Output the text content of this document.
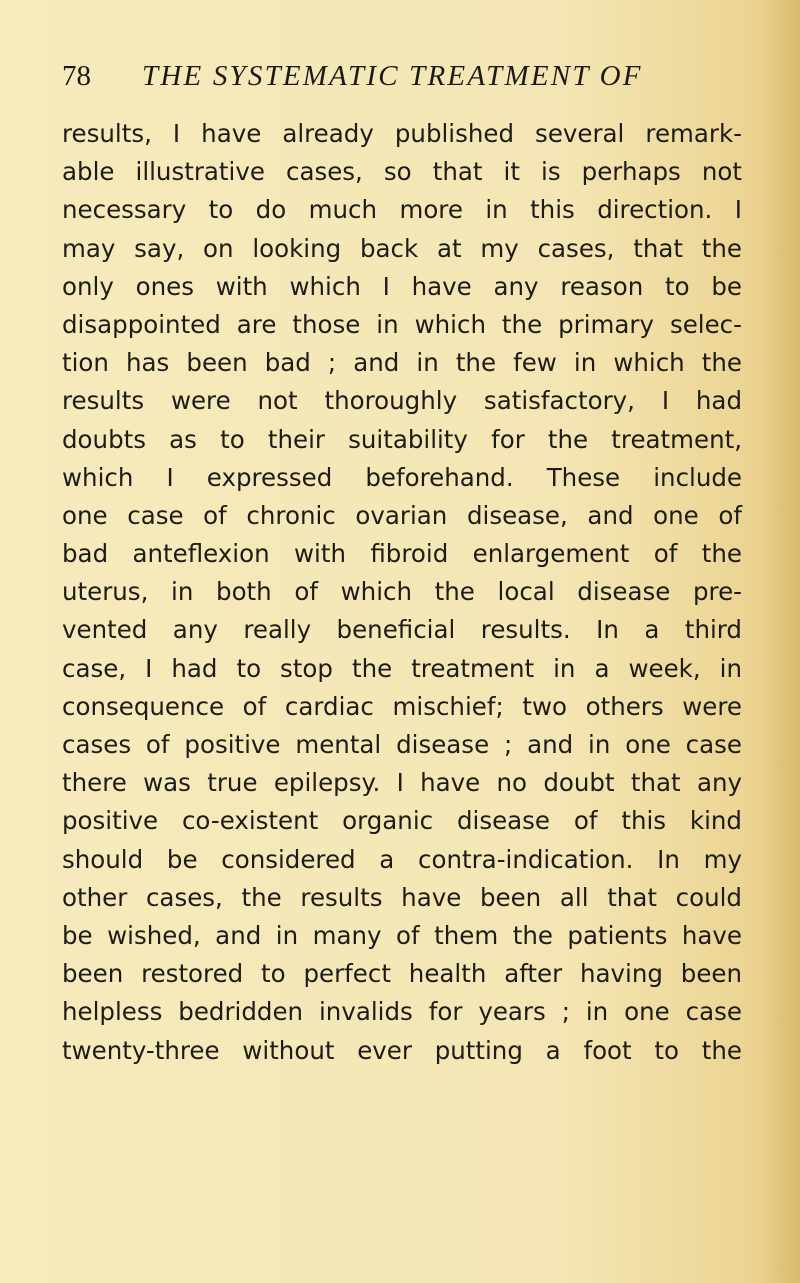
78 THE SYSTEMATIC TREATMENT OF
results, I have already published several remark-
able illustrative cases, so that it is perhaps not
necessary to do much more in this direction. I
may say, on looking back at my cases, that the
only ones with which I have any reason to be
disappointed are those in which the primary selec-
tion has been bad ; and in the few in which the
results were not thoroughly satisfactory, I had
doubts as to their suitability for the treatment,
which I expressed beforehand. These include
one case of chronic ovarian disease, and one of
bad anteflexion with fibroid enlargement of the
uterus, in both of which the local disease pre-
vented any really beneficial results. In a third
case, I had to stop the treatment in a week, in
consequence of cardiac mischief; two others were
cases of positive mental disease ; and in one case
there was true epilepsy. I have no doubt that any
positive co-existent organic disease of this kind
should be considered a contra-indication. In my
other cases, the results have been all that could
be wished, and in many of them the patients have
been restored to perfect health after having been
helpless bedridden invalids for years ; in one case
twenty-three without ever putting a foot to the
